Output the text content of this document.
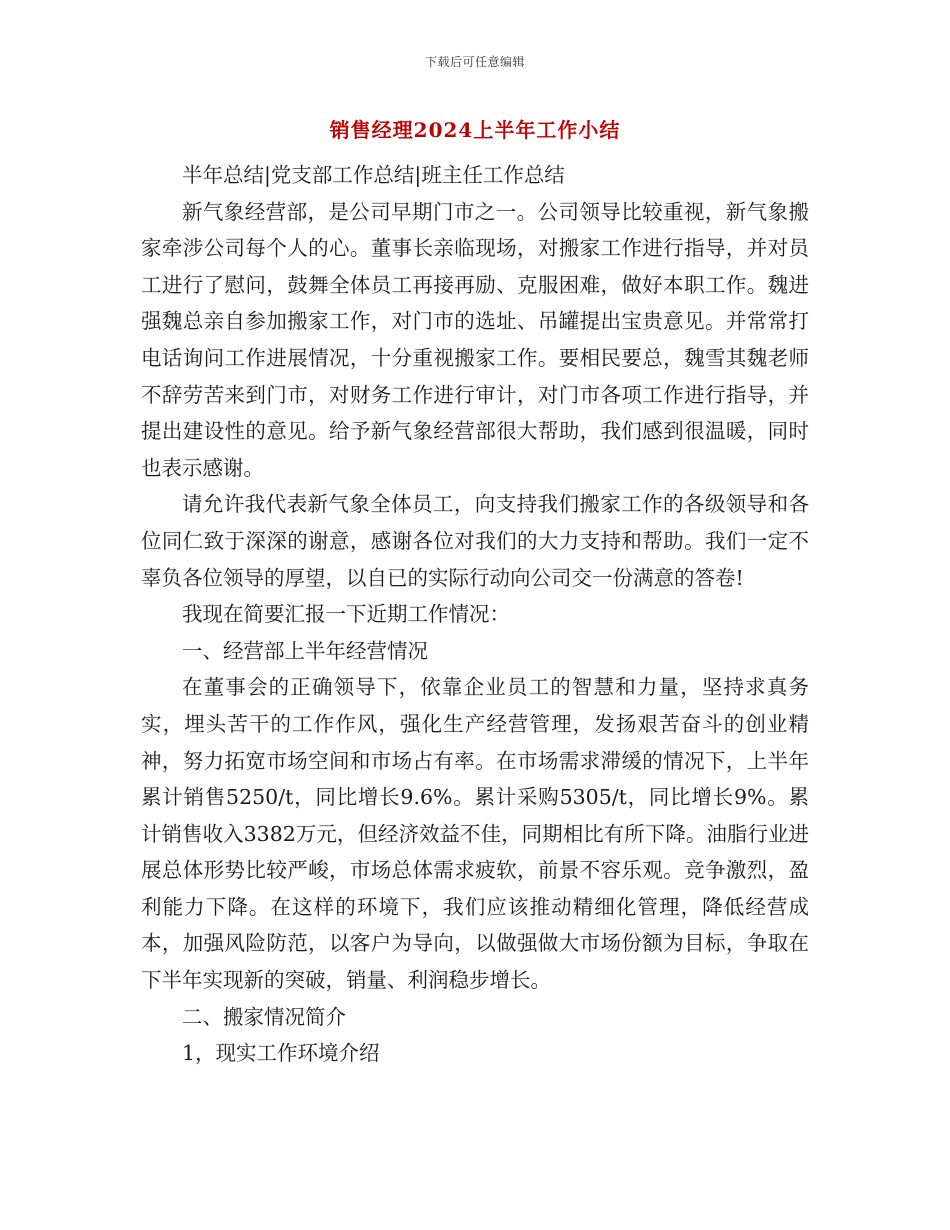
下载后可任意编辑
销售经理2024上半年工作小结

半年总结|党支部工作总结|班主任工作总结

新气象经营部，是公司早期门市之一。公司领导比较重视，新气象搬家牵涉公司每个人的心。董事长亲临现场，对搬家工作进行指导，并对员工进行了慰问，鼓舞全体员工再接再励、克服困难，做好本职工作。魏进强魏总亲自参加搬家工作，对门市的选址、吊罐提出宝贵意见。并常常打电话询问工作进展情况，十分重视搬家工作。要相民要总，魏雪其魏老师不辞劳苦来到门市，对财务工作进行审计，对门市各项工作进行指导，并提出建设性的意见。给予新气象经营部很大帮助，我们感到很温暖，同时也表示感谢。

请允许我代表新气象全体员工，向支持我们搬家工作的各级领导和各位同仁致于深深的谢意，感谢各位对我们的大力支持和帮助。我们一定不辜负各位领导的厚望，以自已的实际行动向公司交一份满意的答卷!

我现在简要汇报一下近期工作情况：

一、经营部上半年经营情况

在董事会的正确领导下，依靠企业员工的智慧和力量，坚持求真务实，埋头苦干的工作作风，强化生产经营管理，发扬艰苦奋斗的创业精神，努力拓宽市场空间和市场占有率。在市场需求滞缓的情况下，上半年累计销售5250/t，同比增长9.6%。累计采购5305/t，同比增长9%。累计销售收入3382万元，但经济效益不佳，同期相比有所下降。油脂行业进展总体形势比较严峻，市场总体需求疲软，前景不容乐观。竞争激烈，盈利能力下降。在这样的环境下，我们应该推动精细化管理，降低经营成本，加强风险防范，以客户为导向，以做强做大市场份额为目标，争取在下半年实现新的突破，销量、利润稳步增长。

二、搬家情况简介

1，现实工作环境介绍
